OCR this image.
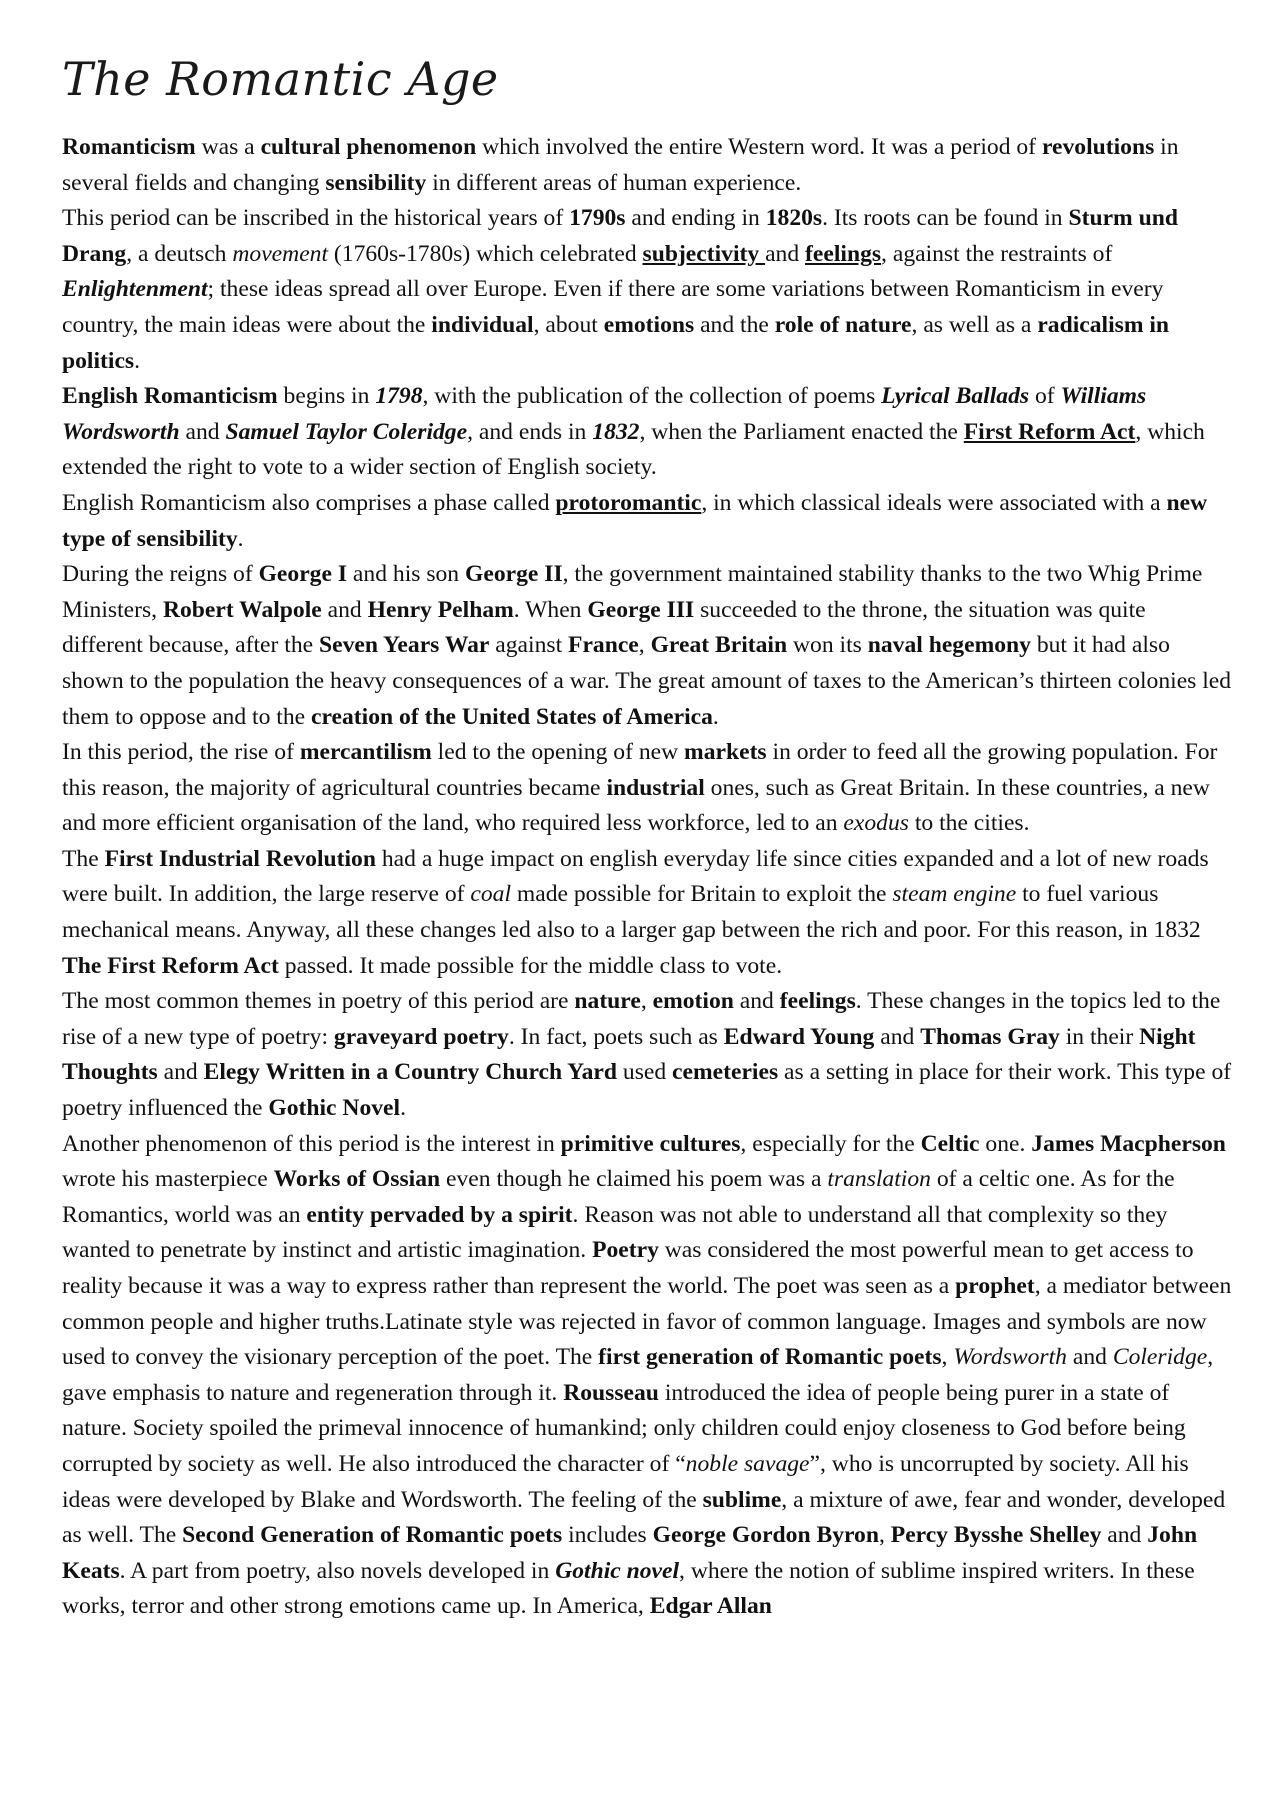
The Romantic Age

Romanticism was a cultural phenomenon which involved the entire Western word. It was a period of revolutions in several fields and changing sensibility in different areas of human experience.

This period can be inscribed in the historical years of 1790s and ending in 1820s. Its roots can be found in Sturm und Drang, a deutsch movement (1760s-1780s) which celebrated subjectivity and feelings, against the restraints of Enlightenment; these ideas spread all over Europe. Even if there are some variations between Romanticism in every country, the main ideas were about the individual, about emotions and the role of nature, as well as a radicalism in politics.

English Romanticism begins in 1798, with the publication of the collection of poems Lyrical Ballads of Williams Wordsworth and Samuel Taylor Coleridge, and ends in 1832, when the Parliament enacted the First Reform Act, which extended the right to vote to a wider section of English society.

English Romanticism also comprises a phase called protoromantic, in which classical ideals were associated with a new type of sensibility.

During the reigns of George I and his son George II, the government maintained stability thanks to the two Whig Prime Ministers, Robert Walpole and Henry Pelham. When George III succeeded to the throne, the situation was quite different because, after the Seven Years War against France, Great Britain won its naval hegemony but it had also shown to the population the heavy consequences of a war. The great amount of taxes to the American’s thirteen colonies led them to oppose and to the creation of the United States of America.

In this period, the rise of mercantilism led to the opening of new markets in order to feed all the growing population. For this reason, the majority of agricultural countries became industrial ones, such as Great Britain. In these countries, a new and more efficient organisation of the land, who required less workforce, led to an exodus to the cities.

The First Industrial Revolution had a huge impact on english everyday life since cities expanded and a lot of new roads were built. In addition, the large reserve of coal made possible for Britain to exploit the steam engine to fuel various mechanical means. Anyway, all these changes led also to a larger gap between the rich and poor. For this reason, in 1832 The First Reform Act passed. It made possible for the middle class to vote.

The most common themes in poetry of this period are nature, emotion and feelings. These changes in the topics led to the rise of a new type of poetry: graveyard poetry. In fact, poets such as Edward Young and Thomas Gray in their Night Thoughts and Elegy Written in a Country Church Yard used cemeteries as a setting in place for their work. This type of poetry influenced the Gothic Novel.

Another phenomenon of this period is the interest in primitive cultures, especially for the Celtic one. James Macpherson wrote his masterpiece Works of Ossian even though he claimed his poem was a translation of a celtic one. As for the Romantics, world was an entity pervaded by a spirit. Reason was not able to understand all that complexity so they wanted to penetrate by instinct and artistic imagination. Poetry was considered the most powerful mean to get access to reality because it was a way to express rather than represent the world. The poet was seen as a prophet, a mediator between common people and higher truths.Latinate style was rejected in favor of common language. Images and symbols are now used to convey the visionary perception of the poet. The first generation of Romantic poets, Wordsworth and Coleridge, gave emphasis to nature and regeneration through it. Rousseau introduced the idea of people being purer in a state of nature. Society spoiled the primeval innocence of humankind; only children could enjoy closeness to God before being corrupted by society as well. He also introduced the character of “noble savage”, who is uncorrupted by society. All his ideas were developed by Blake and Wordsworth. The feeling of the sublime, a mixture of awe, fear and wonder, developed as well. The Second Generation of Romantic poets includes George Gordon Byron, Percy Bysshe Shelley and John Keats. A part from poetry, also novels developed in Gothic novel, where the notion of sublime inspired writers. In these works, terror and other strong emotions came up. In America, Edgar Allan
